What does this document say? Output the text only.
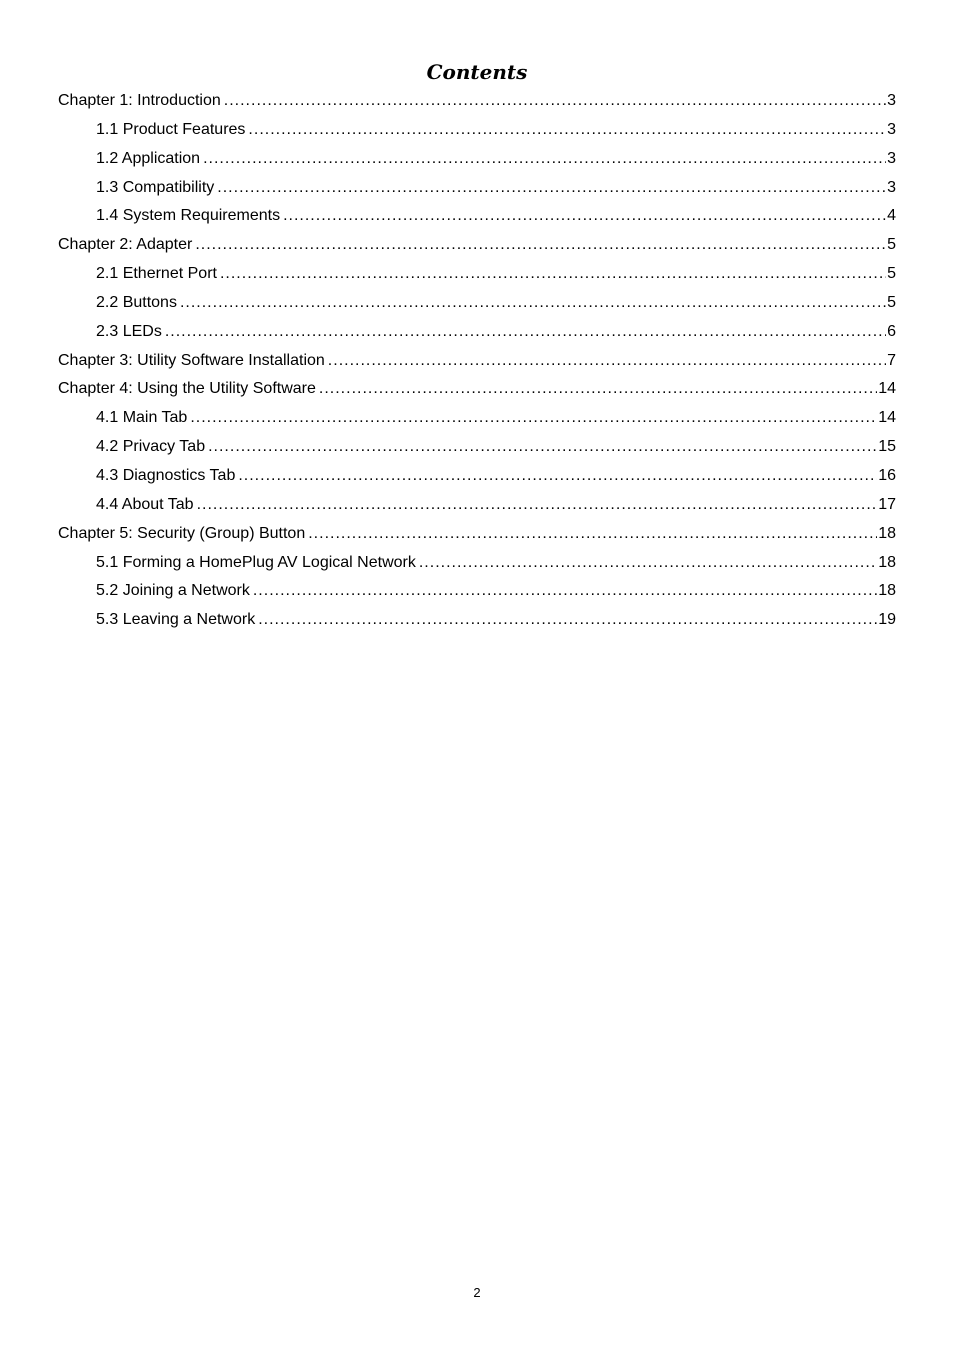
Contents
Chapter 1: Introduction .....	3
1.1 Product Features .....	3
1.2 Application .....	3
1.3 Compatibility .....	3
1.4 System Requirements .....	4
Chapter 2: Adapter .....	5
2.1 Ethernet Port .....	5
2.2 Buttons .....	5
2.3 LEDs .....	6
Chapter 3: Utility Software Installation .....	7
Chapter 4: Using the Utility Software .....	14
4.1 Main Tab .....	14
4.2 Privacy Tab .....	15
4.3 Diagnostics Tab .....	16
4.4 About Tab .....	17
Chapter 5: Security (Group) Button .....	18
5.1 Forming a HomePlug AV Logical Network .....	18
5.2 Joining a Network .....	18
5.3 Leaving a Network .....	19
2
